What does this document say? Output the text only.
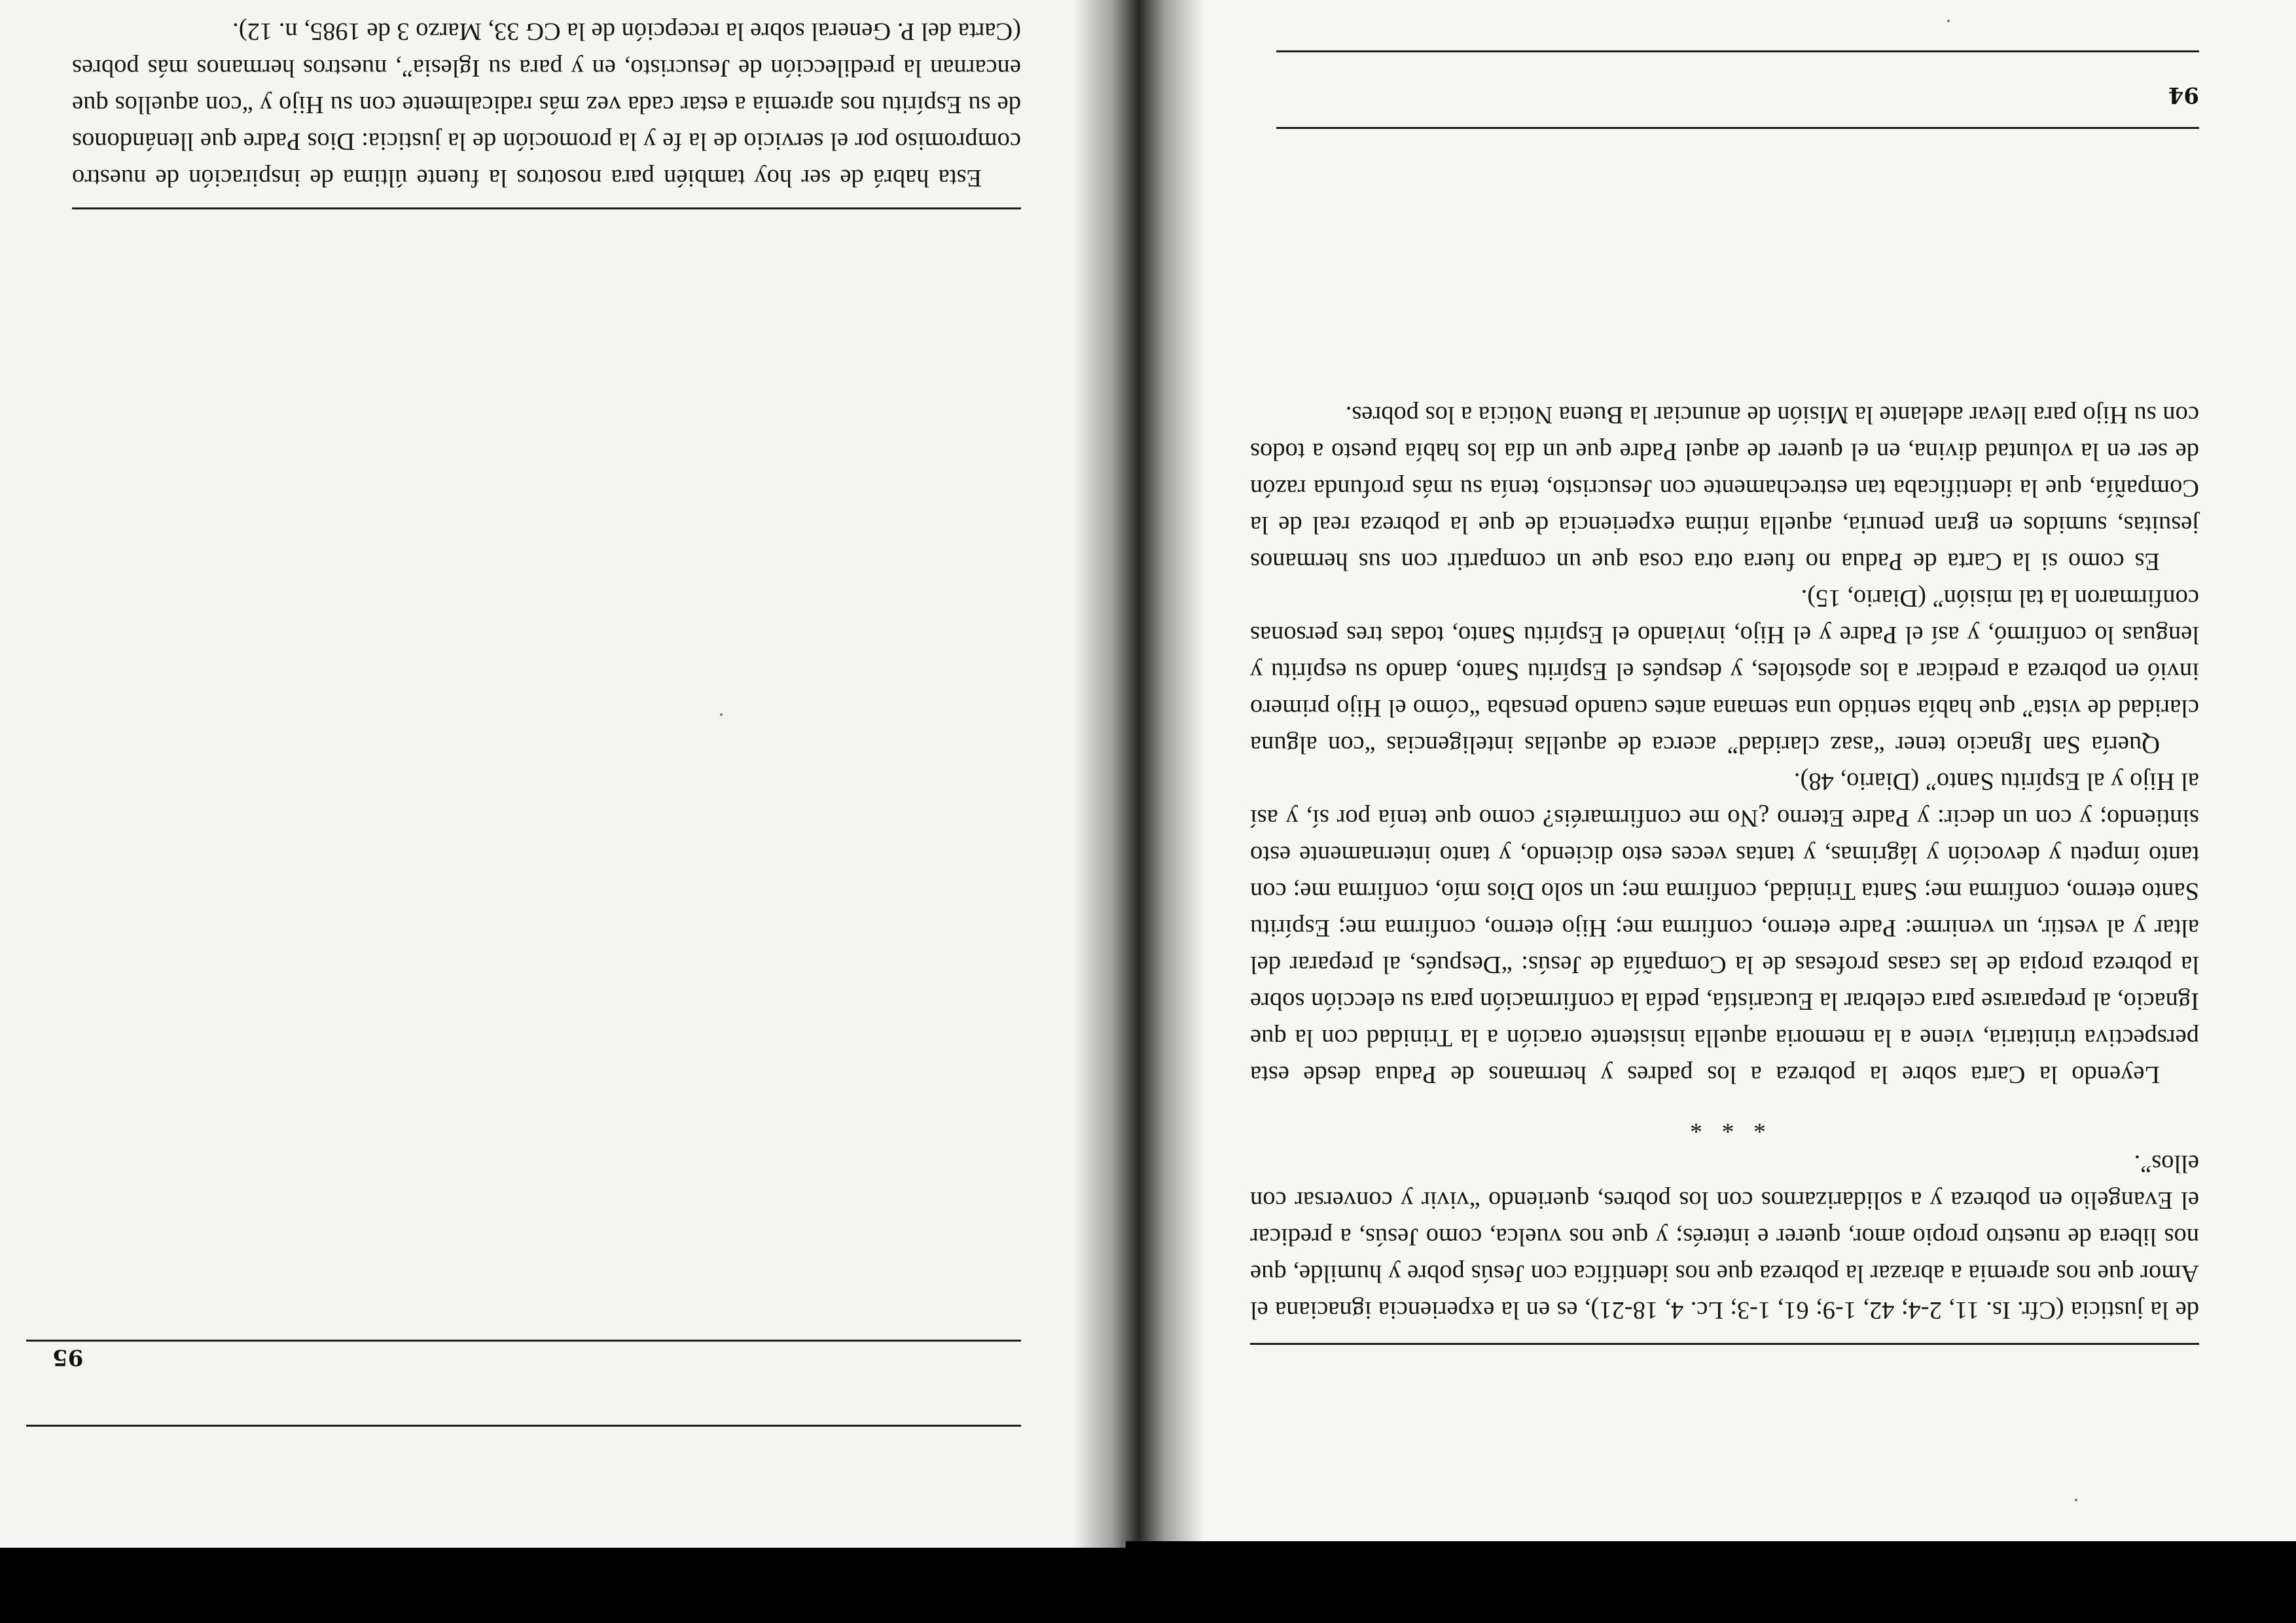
95

Esta habrá de ser hoy también para nosotros la fuente última de inspiración de nuestro compromiso por el servicio de la fe y la promoción de la justicia: Dios Padre que llenándonos de su Espíritu nos apremia a estar cada vez más radicalmente con su Hijo y “con aquellos que encarnan la predilección de Jesucristo, en y para su Iglesia”, nuestros hermanos más pobres (Carta del P. General sobre la recepción de la CG 33, Marzo 3 de 1985, n. 12).

de la justicia (Cfr. Is. 11, 2-4; 42, 1-9; 61, 1-3; Lc. 4, 18-21), es en la experiencia ignaciana el Amor que nos apremia a abrazar la pobreza que nos identifica con Jesús pobre y humilde, que nos libera de nuestro propio amor, querer e interés; y que nos vuelca, como Jesús, a predicar el Evangelio en pobreza y a solidarizarnos con los pobres, queriendo “vivir y conversar con ellos”.

* * *

Leyendo la Carta sobre la pobreza a los padres y hermanos de Padua desde esta perspectiva trinitaria, viene a la memoria aquella insistente oración a la Trinidad con la que Ignacio, al prepararse para celebrar la Eucaristía, pedía la confirmación para su elección sobre la pobreza propia de las casas profesas de la Compañía de Jesús: “Después, al preparar del altar y al vestir, un venirme: Padre eterno, confirma me; Hijo eterno, confirma me; Espíritu Santo eterno, confirma me; Santa Trinidad, confirma me; un solo Dios mío, confirma me; con tanto ímpetu y devoción y lágrimas, y tantas veces esto diciendo, y tanto internamente esto sintiendo; y con un decir: y Padre Eterno ¿No me confirmaréis? como que tenía por sí, y así al Hijo y al Espíritu Santo” (Diario, 48).

Quería San Ignacio tener “asaz claridad” acerca de aquellas inteligencias “con alguna claridad de vista” que había sentido una semana antes cuando pensaba “cómo el Hijo primero invió en pobreza a predicar a los apóstoles, y después el Espíritu Santo, dando su espíritu y lenguas lo confirmó, y así el Padre y el Hijo, inviando el Espíritu Santo, todas tres personas confirmaron la tal misión” (Diario, 15).

Es como si la Carta de Padua no fuera otra cosa que un compartir con sus hermanos jesuitas, sumidos en gran penuria, aquella íntima experiencia de que la pobreza real de la Compañía, que la identificaba tan estrechamente con Jesucristo, tenía su más profunda razón de ser en la voluntad divina, en el querer de aquel Padre que un día los había puesto a todos con su Hijo para llevar adelante la Misión de anunciar la Buena Noticia a los pobres.

94
